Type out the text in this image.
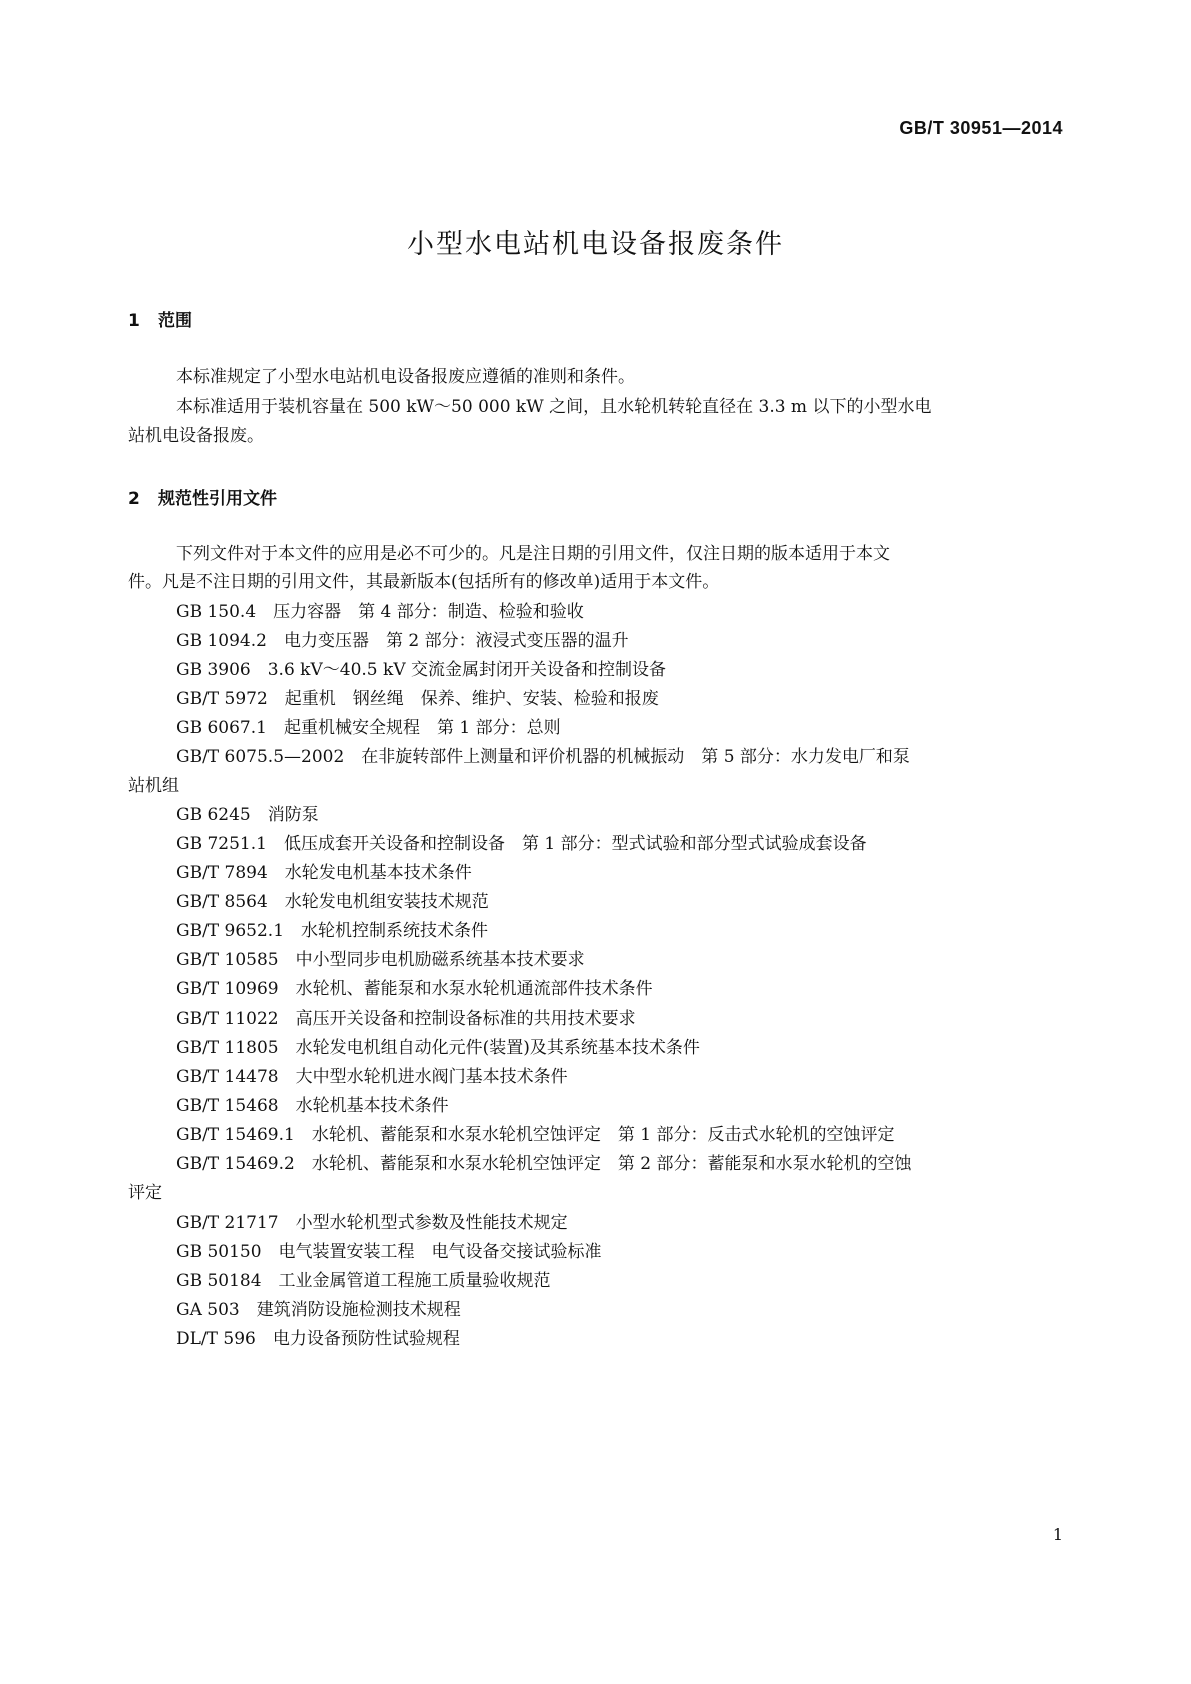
GB/T 30951—2014
小型水电站机电设备报废条件
1 范围
本标准规定了小型水电站机电设备报废应遵循的准则和条件。
本标准适用于装机容量在 500 kW～50 000 kW 之间，且水轮机转轮直径在 3.3 m 以下的小型水电
站机电设备报废。
2 规范性引用文件
下列文件对于本文件的应用是必不可少的。凡是注日期的引用文件，仅注日期的版本适用于本文
件。凡是不注日期的引用文件，其最新版本(包括所有的修改单)适用于本文件。
GB 150.4　压力容器　第 4 部分：制造、检验和验收
GB 1094.2　电力变压器　第 2 部分：液浸式变压器的温升
GB 3906　3.6 kV～40.5 kV 交流金属封闭开关设备和控制设备
GB/T 5972　起重机　钢丝绳　保养、维护、安装、检验和报废
GB 6067.1　起重机械安全规程　第 1 部分：总则
GB/T 6075.5—2002　在非旋转部件上测量和评价机器的机械振动　第 5 部分：水力发电厂和泵
站机组
GB 6245　消防泵
GB 7251.1　低压成套开关设备和控制设备　第 1 部分：型式试验和部分型式试验成套设备
GB/T 7894　水轮发电机基本技术条件
GB/T 8564　水轮发电机组安装技术规范
GB/T 9652.1　水轮机控制系统技术条件
GB/T 10585　中小型同步电机励磁系统基本技术要求
GB/T 10969　水轮机、蓄能泵和水泵水轮机通流部件技术条件
GB/T 11022　高压开关设备和控制设备标准的共用技术要求
GB/T 11805　水轮发电机组自动化元件(装置)及其系统基本技术条件
GB/T 14478　大中型水轮机进水阀门基本技术条件
GB/T 15468　水轮机基本技术条件
GB/T 15469.1　水轮机、蓄能泵和水泵水轮机空蚀评定　第 1 部分：反击式水轮机的空蚀评定
GB/T 15469.2　水轮机、蓄能泵和水泵水轮机空蚀评定　第 2 部分：蓄能泵和水泵水轮机的空蚀
评定
GB/T 21717　小型水轮机型式参数及性能技术规定
GB 50150　电气装置安装工程　电气设备交接试验标准
GB 50184　工业金属管道工程施工质量验收规范
GA 503　建筑消防设施检测技术规程
DL/T 596　电力设备预防性试验规程
1
